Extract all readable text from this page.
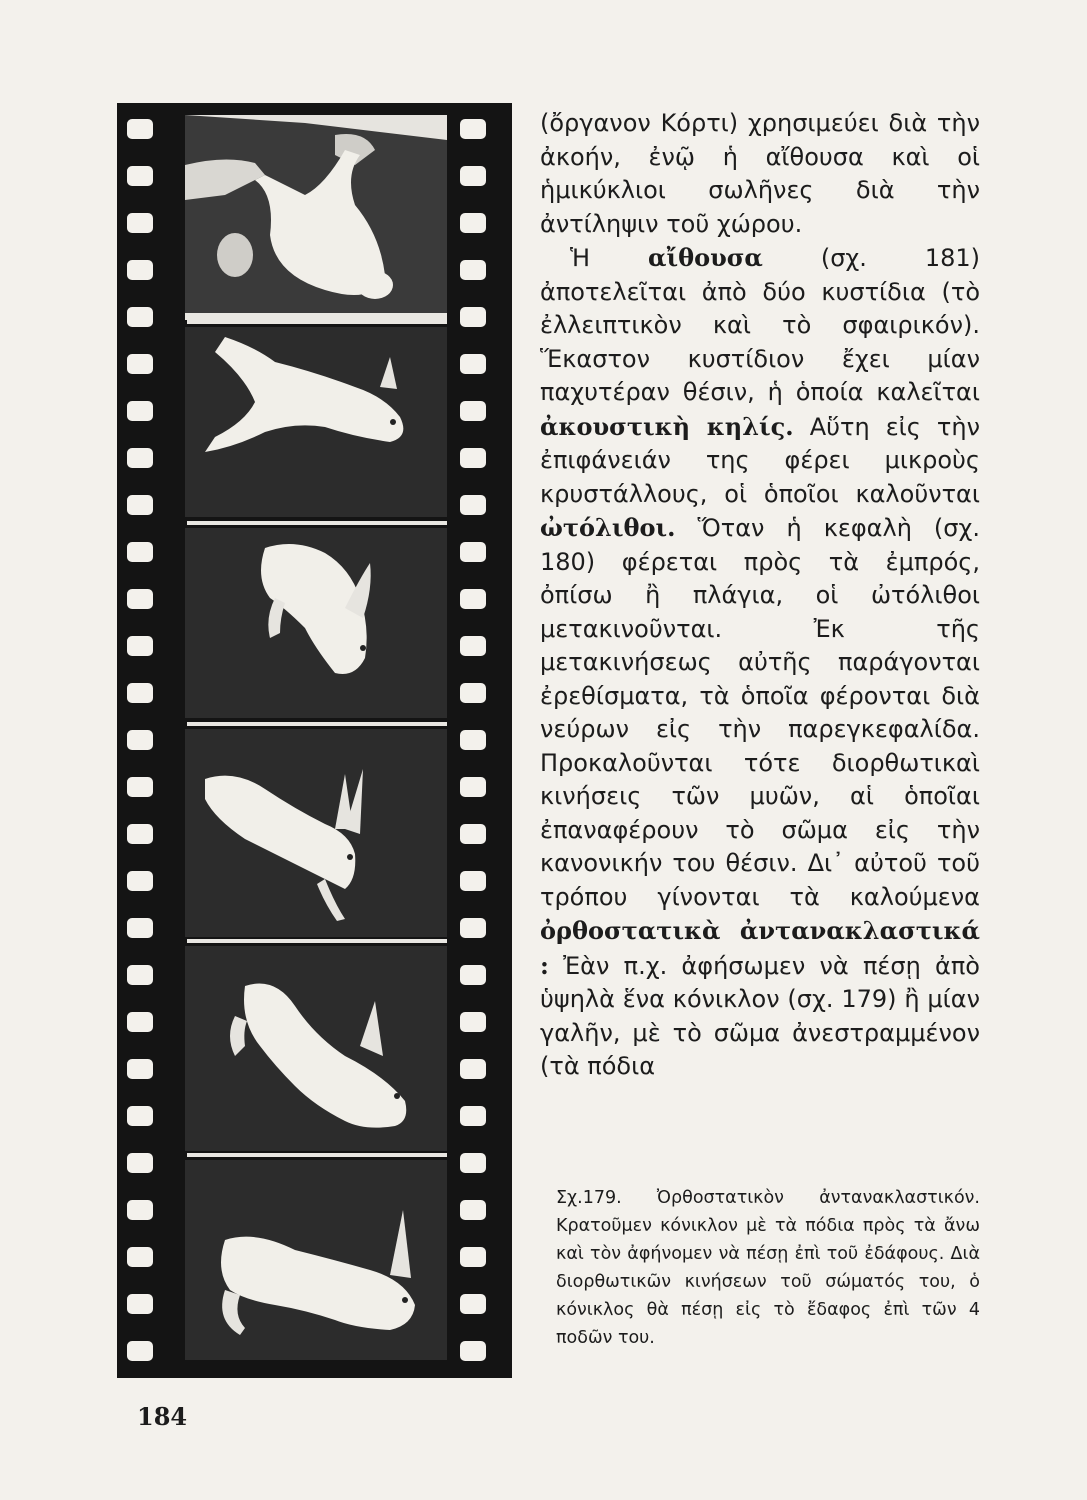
(ὄργανον Κόρτι) χρησιμεύει διὰ τὴν ἀκοήν, ἐνῷ ἡ αἴθουσα καὶ οἱ ἡμικύκλιοι σωλῆνες διὰ τὴν ἀντίληψιν τοῦ χώρου.

Ἡ αἴθουσα (σχ. 181) ἀποτελεῖται ἀπὸ δύο κυστίδια (τὸ ἐλλειπτικὸν καὶ τὸ σφαιρικόν). Ἕκαστον κυστίδιον ἔχει μίαν παχυτέραν θέσιν, ἡ ὁποία καλεῖται ἀκουστικὴ κηλίς. Αὕτη εἰς τὴν ἐπιφάνειάν της φέρει μικροὺς κρυστάλλους, οἱ ὁποῖοι καλοῦνται ὠτόλιθοι. Ὅταν ἡ κεφαλὴ (σχ. 180) φέρεται πρὸς τὰ ἐμπρός, ὀπίσω ἢ πλάγια, οἱ ὠτόλιθοι μετακινοῦνται. Ἐκ τῆς μετακινήσεως αὐτῆς παράγονται ἐρεθίσματα, τὰ ὁποῖα φέρονται διὰ νεύρων εἰς τὴν παρεγκεφαλίδα. Προκαλοῦνται τότε διορθωτικαὶ κινήσεις τῶν μυῶν, αἱ ὁποῖαι ἐπαναφέρουν τὸ σῶμα εἰς τὴν κανονικήν του θέσιν. Δι᾽ αὐτοῦ τοῦ τρόπου γίνονται τὰ καλούμενα ὀρθοστατικὰ ἀντανακλαστικά : Ἐὰν π.χ. ἀφήσωμεν νὰ πέσῃ ἀπὸ ὑψηλὰ ἕνα κόνικλον (σχ. 179) ἢ μίαν γαλῆν, μὲ τὸ σῶμα ἀνεστραμμένον (τὰ πόδια

Σχ.179. Ὀρθοστατικὸν ἀντανακλαστικόν. Κρατοῦμεν κόνικλον μὲ τὰ πόδια πρὸς τὰ ἄνω καὶ τὸν ἀφήνομεν νὰ πέσῃ ἐπὶ τοῦ ἐδάφους. Διὰ διορθωτικῶν κινήσεων τοῦ σώματός του, ὁ κόνικλος θὰ πέσῃ εἰς τὸ ἔδαφος ἐπὶ τῶν 4 ποδῶν του.
184
